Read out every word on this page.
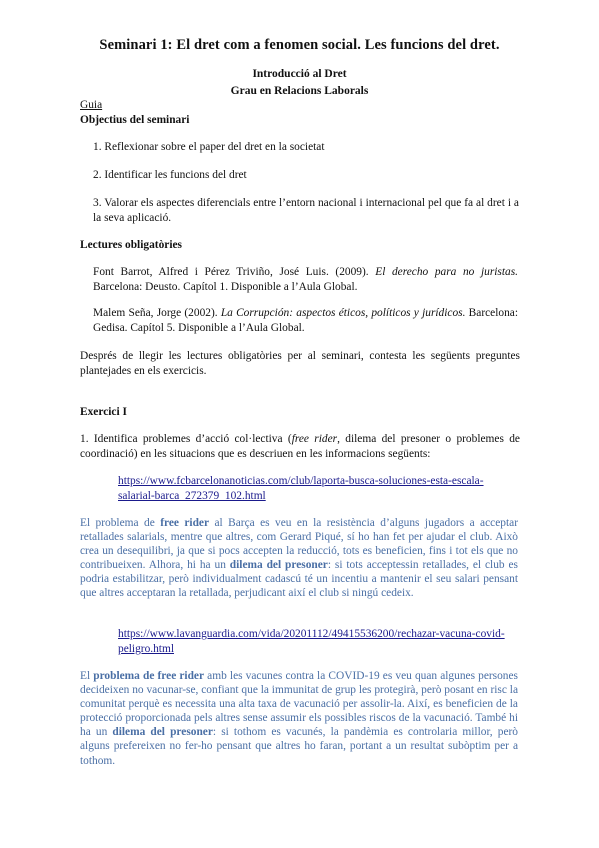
Seminari 1: El dret com a fenomen social. Les funcions del dret.
Introducció al Dret
Grau en Relacions Laborals
Guia
Objectius del seminari
1. Reflexionar sobre el paper del dret en la societat
2. Identificar les funcions del dret
3. Valorar els aspectes diferencials entre l’entorn nacional i internacional pel que fa al dret i a la seva aplicació.
Lectures obligatòries
Font Barrot, Alfred i Pérez Triviño, José Luis. (2009). El derecho para no juristas. Barcelona: Deusto. Capítol 1. Disponible a l’Aula Global.
Malem Seña, Jorge (2002). La Corrupción: aspectos éticos, políticos y jurídicos. Barcelona: Gedisa. Capítol 5. Disponible a l’Aula Global.
Després de llegir les lectures obligatòries per al seminari, contesta les següents preguntes plantejades en els exercicis.
Exercici I
1. Identifica problemes d’acció col·lectiva (free rider, dilema del presoner o problemes de coordinació) en les situacions que es descriuen en les informacions següents:
https://www.fcbarcelonanoticias.com/club/laporta-busca-soluciones-esta-escala-salarial-barca_272379_102.html
El problema de free rider al Barça es veu en la resistència d’alguns jugadors a acceptar retallades salarials, mentre que altres, com Gerard Piqué, sí ho han fet per ajudar el club. Això crea un desequilibri, ja que si pocs accepten la reducció, tots es beneficien, fins i tot els que no contribueixen. Alhora, hi ha un dilema del presoner: si tots acceptessin retallades, el club es podria estabilitzar, però individualment cadascú té un incentiu a mantenir el seu salari pensant que altres acceptaran la retallada, perjudicant així el club si ningú cedeix.
https://www.lavanguardia.com/vida/20201112/49415536200/rechazar-vacuna-covid-peligro.html
El problema de free rider amb les vacunes contra la COVID-19 es veu quan algunes persones decideixen no vacunar-se, confiant que la immunitat de grup les protegirà, però posant en risc la comunitat perquè es necessita una alta taxa de vacunació per assolir-la. Així, es beneficien de la protecció proporcionada pels altres sense assumir els possibles riscos de la vacunació. També hi ha un dilema del presoner: si tothom es vacunés, la pandèmia es controlaria millor, però alguns prefereixen no fer-ho pensant que altres ho faran, portant a un resultat subòptim per a tothom.
